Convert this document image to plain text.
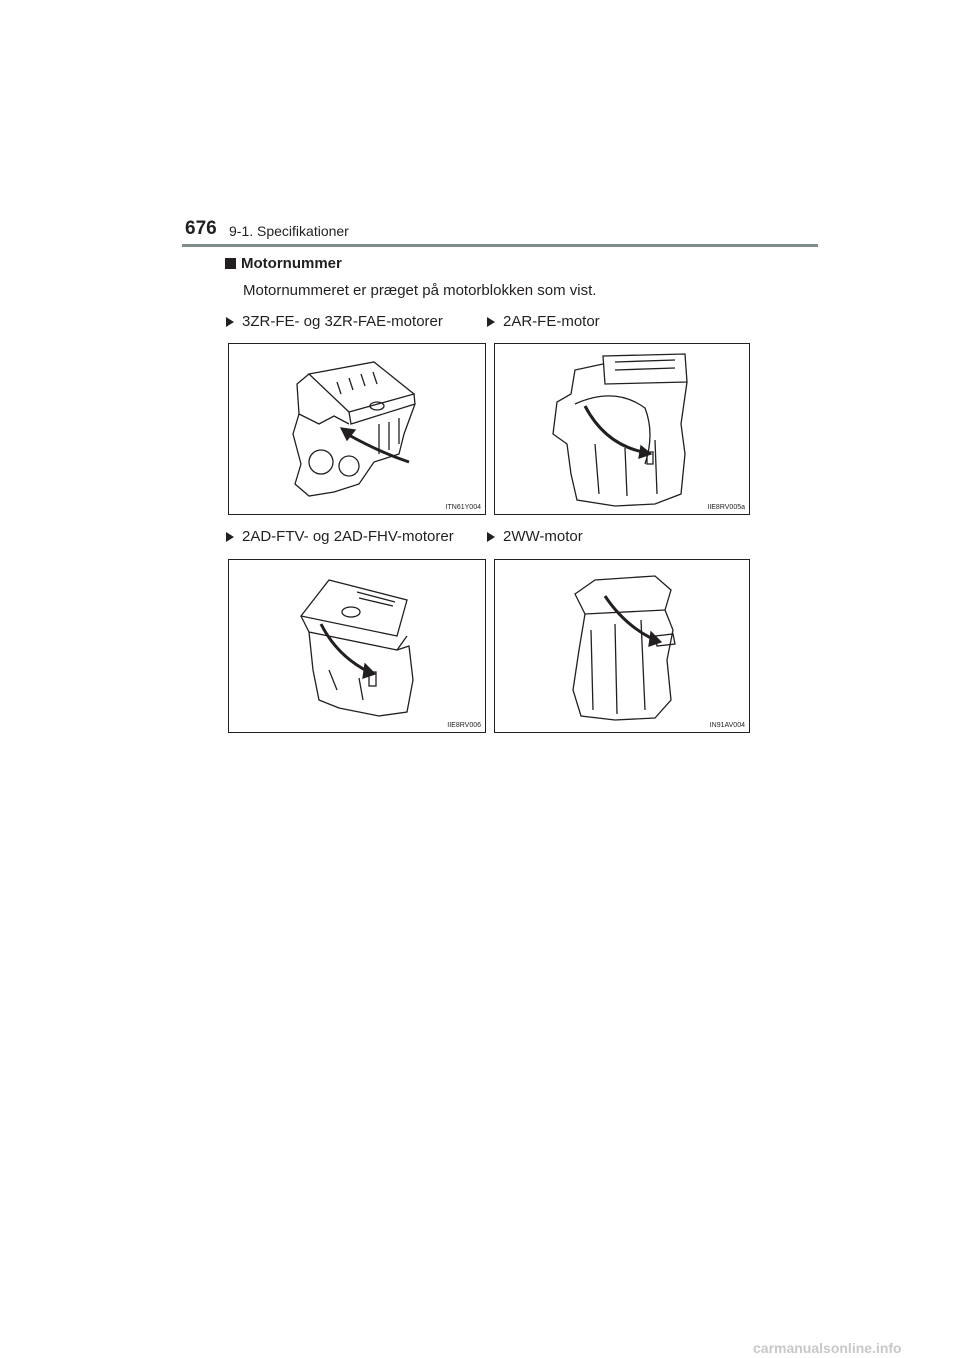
676 9-1. Specifikationer
Motornummer
Motornummeret er præget på motorblokken som vist.
3ZR-FE- og 3ZR-FAE-motorer
ITN61Y004
2AR-FE-motor
IIE8RV005a
2AD-FTV- og 2AD-FHV-motorer
IIE8RV006
2WW-motor
IN91AV004
carmanualsonline.info
